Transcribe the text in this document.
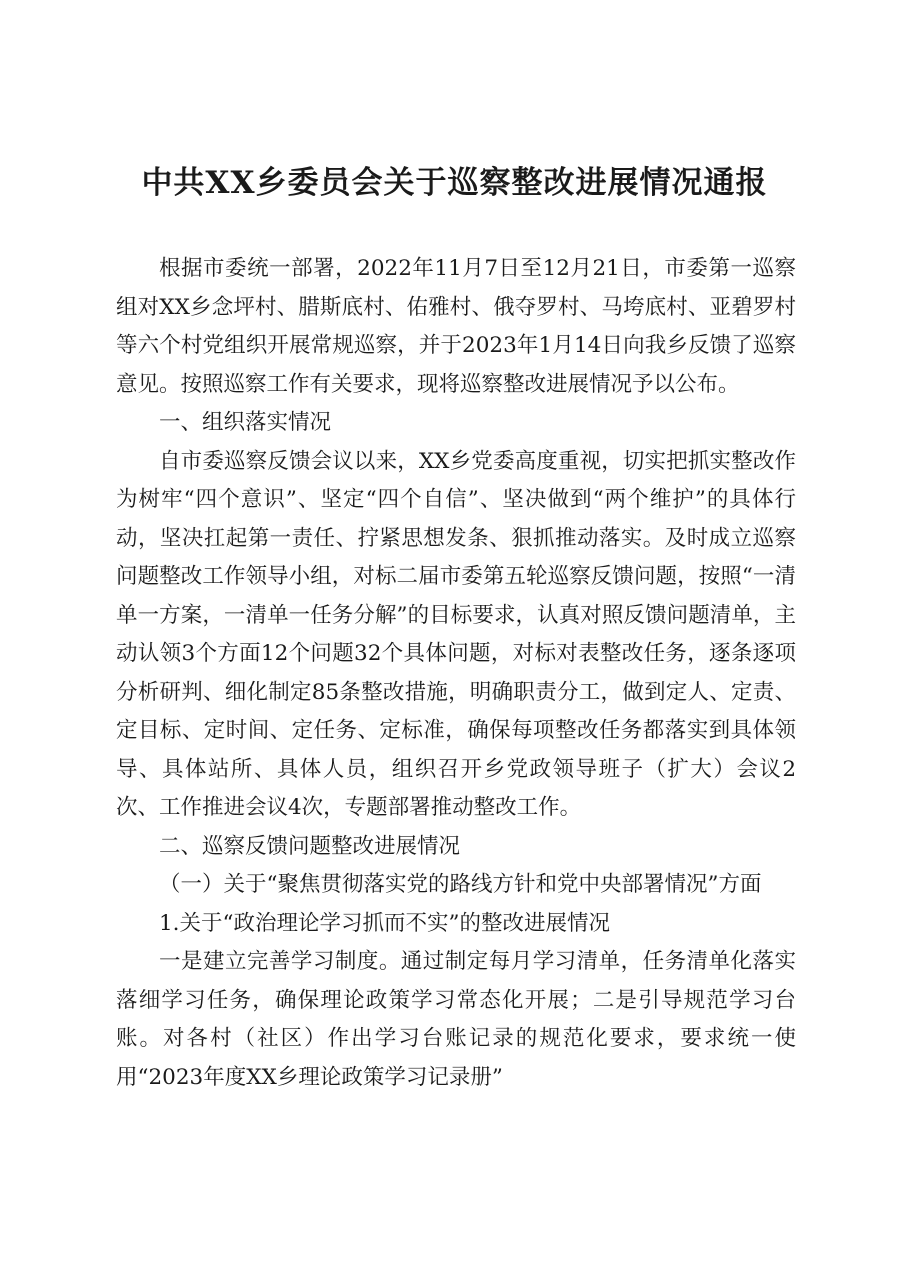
中共XX乡委员会关于巡察整改进展情况通报

根据市委统一部署，2022年11月7日至12月21日，市委第一巡察组对XX乡念坪村、腊斯底村、佑雅村、俄夺罗村、马垮底村、亚碧罗村等六个村党组织开展常规巡察，并于2023年1月14日向我乡反馈了巡察意见。按照巡察工作有关要求，现将巡察整改进展情况予以公布。

一、组织落实情况

自市委巡察反馈会议以来，XX乡党委高度重视，切实把抓实整改作为树牢“四个意识”、坚定“四个自信”、坚决做到“两个维护”的具体行动，坚决扛起第一责任、拧紧思想发条、狠抓推动落实。及时成立巡察问题整改工作领导小组，对标二届市委第五轮巡察反馈问题，按照“一清单一方案，一清单一任务分解”的目标要求，认真对照反馈问题清单，主动认领3个方面12个问题32个具体问题，对标对表整改任务，逐条逐项分析研判、细化制定85条整改措施，明确职责分工，做到定人、定责、定目标、定时间、定任务、定标准，确保每项整改任务都落实到具体领导、具体站所、具体人员，组织召开乡党政领导班子（扩大）会议2次、工作推进会议4次，专题部署推动整改工作。

二、巡察反馈问题整改进展情况

（一）关于“聚焦贯彻落实党的路线方针和党中央部署情况”方面

1.关于“政治理论学习抓而不实”的整改进展情况

一是建立完善学习制度。通过制定每月学习清单，任务清单化落实落细学习任务，确保理论政策学习常态化开展；二是引导规范学习台账。对各村（社区）作出学习台账记录的规范化要求，要求统一使用“2023年度XX乡理论政策学习记录册”
